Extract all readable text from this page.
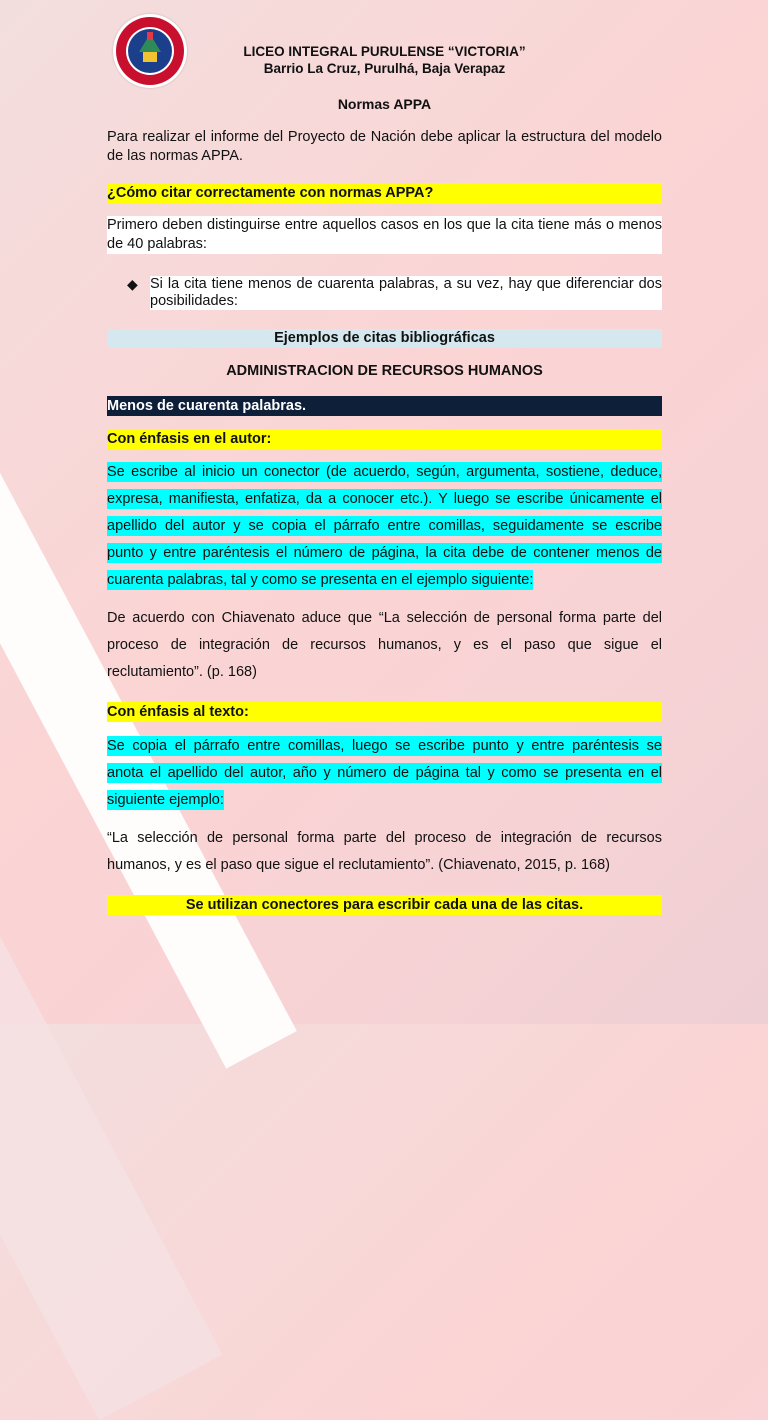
LICEO INTEGRAL PURULENSE “VICTORIA”
Barrio La Cruz, Purulhá, Baja Verapaz
Normas APPA
Para realizar el informe del Proyecto de Nación debe aplicar la estructura del modelo de las normas APPA.
¿Cómo citar correctamente con normas APPA?
Primero deben distinguirse entre aquellos casos en los que la cita tiene más o menos de 40 palabras:
◆ Si la cita tiene menos de cuarenta palabras, a su vez, hay que diferenciar dos posibilidades:
Ejemplos de citas bibliográficas
ADMINISTRACION DE RECURSOS HUMANOS
Menos de cuarenta palabras.
Con énfasis en el autor:
Se escribe al inicio un conector (de acuerdo, según, argumenta, sostiene, deduce,
expresa, manifiesta, enfatiza, da a conocer etc.). Y luego se escribe únicamente el
apellido del autor y se copia el párrafo entre comillas, seguidamente se escribe
punto y entre paréntesis el número de página, la cita debe de contener menos de
cuarenta palabras, tal y como se presenta en el ejemplo siguiente:
De acuerdo con Chiavenato aduce que “La selección de personal forma parte del
proceso de integración de recursos humanos, y es el paso que sigue el
reclutamiento”. (p. 168)
Con énfasis al texto:
Se copia el párrafo entre comillas, luego se escribe punto y entre paréntesis se
anota el apellido del autor, año y número de página tal y como se presenta en el
siguiente ejemplo:
“La selección de personal forma parte del proceso de integración de recursos
humanos, y es el paso que sigue el reclutamiento”. (Chiavenato, 2015, p. 168)
Se utilizan conectores para escribir cada una de las citas.
